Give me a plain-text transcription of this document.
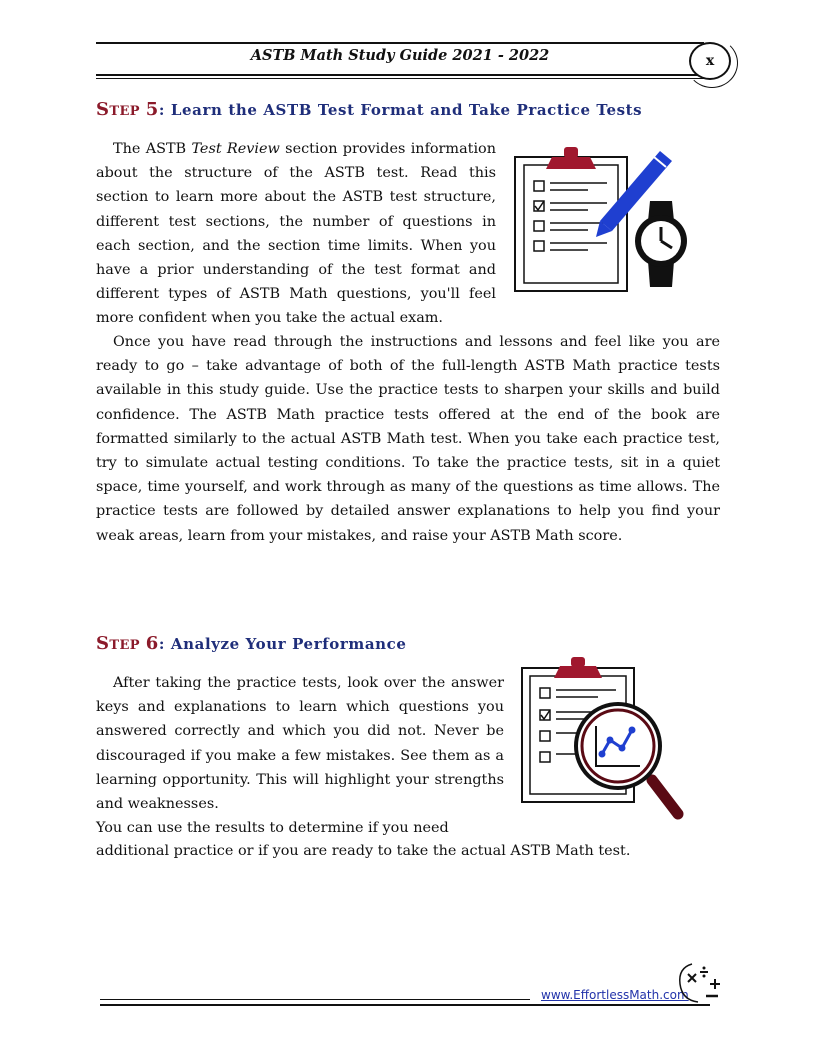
ASTB Math Study Guide 2021 - 2022	x
Step 5: Learn the ASTB Test Format and Take Practice Tests

The ASTB Test Review section provides information about the structure of the ASTB test. Read this section to learn more about the ASTB test structure, different test sections, the number of questions in each section, and the section time limits. When you have a prior understanding of the test format and different types of ASTB Math questions, you'll feel more confident when you take the actual exam.

Once you have read through the instructions and lessons and feel like you are ready to go – take advantage of both of the full-length ASTB Math practice tests available in this study guide. Use the practice tests to sharpen your skills and build confidence. The ASTB Math practice tests offered at the end of the book are formatted similarly to the actual ASTB Math test. When you take each practice test, try to simulate actual testing conditions. To take the practice tests, sit in a quiet space, time yourself, and work through as many of the questions as time allows. The practice tests are followed by detailed answer explanations to help you find your weak areas, learn from your mistakes, and raise your ASTB Math score.

Step 6: Analyze Your Performance

After taking the practice tests, look over the answer keys and explanations to learn which questions you answered correctly and which you did not. Never be discouraged if you make a few mistakes. See them as a learning opportunity. This will highlight your strengths and weaknesses.

You can use the results to determine if you need

additional practice or if you are ready to take the actual ASTB Math test.

www.EffortlessMath.com
